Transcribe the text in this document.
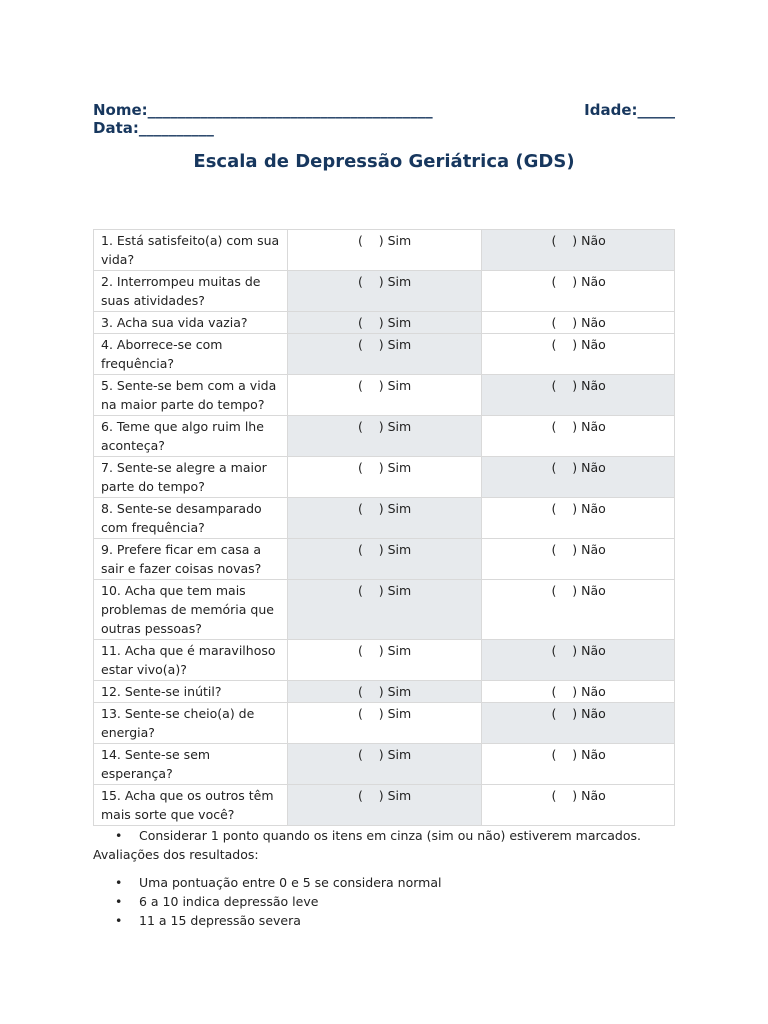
Nome:______________________________________	Idade:_____
Data:__________
Escala de Depressão Geriátrica (GDS)
1. Está satisfeito(a) com sua vida?	(    ) Sim	(    ) Não
2. Interrompeu muitas de suas atividades?	(    ) Sim	(    ) Não
3. Acha sua vida vazia?	(    ) Sim	(    ) Não
4. Aborrece-se com frequência?	(    ) Sim	(    ) Não
5. Sente-se bem com a vida na maior parte do tempo?	(    ) Sim	(    ) Não
6. Teme que algo ruim lhe aconteça?	(    ) Sim	(    ) Não
7. Sente-se alegre a maior parte do tempo?	(    ) Sim	(    ) Não
8. Sente-se desamparado com frequência?	(    ) Sim	(    ) Não
9. Prefere ficar em casa a sair e fazer coisas novas?	(    ) Sim	(    ) Não
10. Acha que tem mais problemas de memória que outras pessoas?	(    ) Sim	(    ) Não
11. Acha que é maravilhoso estar vivo(a)?	(    ) Sim	(    ) Não
12. Sente-se inútil?	(    ) Sim	(    ) Não
13. Sente-se cheio(a) de energia?	(    ) Sim	(    ) Não
14. Sente-se sem esperança?	(    ) Sim	(    ) Não
15. Acha que os outros têm mais sorte que você?	(    ) Sim	(    ) Não
• Considerar 1 ponto quando os itens em cinza (sim ou não) estiverem marcados.
Avaliações dos resultados:
• Uma pontuação entre 0 e 5 se considera normal
• 6 a 10 indica depressão leve
• 11 a 15 depressão severa
